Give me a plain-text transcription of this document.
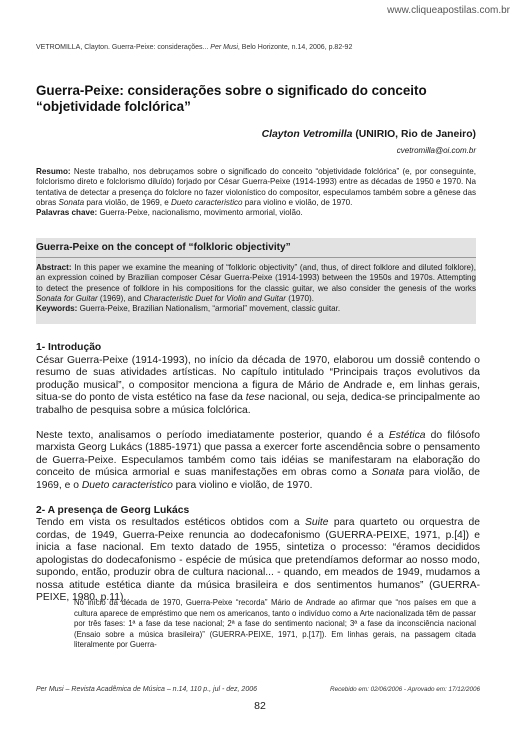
www.cliqueapostilas.com.br
VETROMILLA, Clayton. Guerra-Peixe: considerações... Per Musi, Belo Horizonte, n.14, 2006, p.82-92
Guerra-Peixe: considerações sobre o significado do conceito “objetividade folclórica”
Clayton Vetromilla (UNIRIO, Rio de Janeiro)
cvetromilla@oi.com.br
Resumo: Neste trabalho, nos debruçamos sobre o significado do conceito “objetividade folclórica” (e, por conseguinte, folclorismo direto e folclorismo diluído) forjado por César Guerra-Peixe (1914-1993) entre as décadas de 1950 e 1970. Na tentativa de detectar a presença do folclore no fazer violonístico do compositor, especulamos também sobre a gênese das obras Sonata para violão, de 1969, e Dueto caracteristico para violino e violão, de 1970.
Palavras chave: Guerra-Peixe, nacionalismo, movimento armorial, violão.
Guerra-Peixe on the concept of “folkloric objectivity”
Abstract: In this paper we examine the meaning of “folkloric objectivity” (and, thus, of direct folklore and diluted folklore), an expression coined by Brazilian composer César Guerra-Peixe (1914-1993) between the 1950s and 1970s. Attempting to detect the presence of folklore in his compositions for the classic guitar, we also consider the genesis of the works Sonata for Guitar (1969), and Characteristic Duet for Violin and Guitar (1970).
Keywords: Guerra-Peixe, Brazilian Nationalism, “armorial” movement, classic guitar.

1- Introdução
César Guerra-Peixe (1914-1993), no início da década de 1970, elaborou um dossiê contendo o resumo de suas atividades artísticas. No capítulo intitulado “Principais traços evolutivos da produção musical”, o compositor menciona a figura de Mário de Andrade e, em linhas gerais, situa-se do ponto de vista estético na fase da tese nacional, ou seja, dedica-se principalmente ao trabalho de pesquisa sobre a música folclórica.

Neste texto, analisamos o período imediatamente posterior, quando é a Estética do filósofo marxista Georg Lukács (1885-1971) que passa a exercer forte ascendência sobre o pensamento de Guerra-Peixe. Especulamos também como tais idéias se manifestaram na elaboração do conceito de música armorial e suas manifestações em obras como a Sonata para violão, de 1969, e o Dueto caracteristico para violino e violão, de 1970.

2- A presença de Georg Lukács
Tendo em vista os resultados estéticos obtidos com a Suite para quarteto ou orquestra de cordas, de 1949, Guerra-Peixe renuncia ao dodecafonismo (GUERRA-PEIXE, 1971, p.[4]) e inicia a fase nacional. Em texto datado de 1955, sintetiza o processo: “éramos decididos apologistas do dodecafonismo - espécie de música que pretendíamos deformar ao nosso modo, supondo, então, produzir obra de cultura nacional... - quando, em meados de 1949, mudamos a nossa atitude estética diante da música brasileira e dos sentimentos humanos” (GUERRA-PEIXE, 1980, p.11).

No início da década de 1970, Guerra-Peixe “recorda” Mário de Andrade ao afirmar que “nos países em que a cultura aparece de empréstimo que nem os americanos, tanto o indivíduo como a Arte nacionalizada têm de passar por três fases: 1ª a fase da tese nacional; 2ª a fase do sentimento nacional; 3ª a fase da inconsciência nacional (Ensaio sobre a música brasileira)” (GUERRA-PEIXE, 1971, p.[17]). Em linhas gerais, na passagem citada literalmente por Guerra-
Per Musi – Revista Acadêmica de Música – n.14, 110 p., jul - dez, 2006	Recebido em: 02/06/2006 - Aprovado em: 17/12/2006
82
